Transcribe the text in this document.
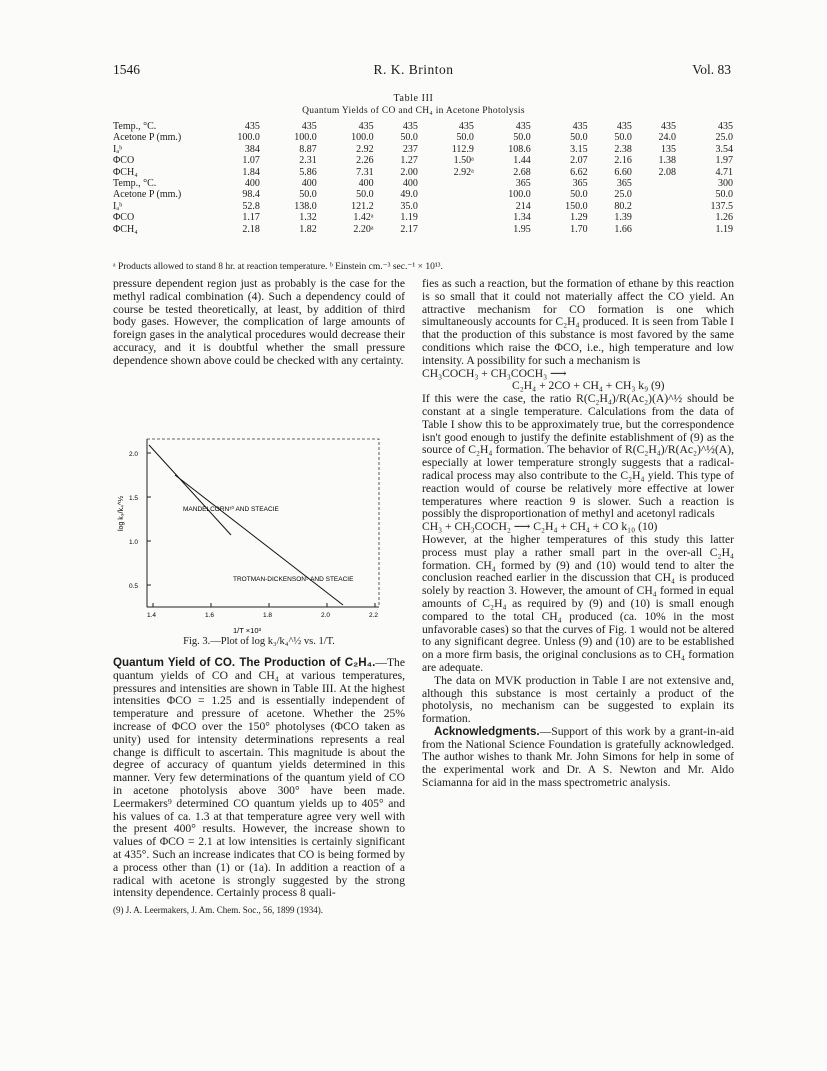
1546	R. K. Brinton	Vol. 83
Table III
Quantum Yields of CO and CH₄ in Acetone Photolysis
Temp., °C.	435	435	435	435	435	435	435	435	435	435
Acetone P (mm.)	100.0	100.0	100.0	50.0	50.0	50.0	50.0	50.0	24.0	25.0
Iₐᵇ	384	8.87	2.92	237	112.9	108.6	3.15	2.38	135	3.54
ΦCO	1.07	2.31	2.26	1.27	1.50ᵃ	1.44	2.07	2.16	1.38	1.97
ΦCH₄	1.84	5.86	7.31	2.00	2.92ᵃ	2.68	6.62	6.60	2.08	4.71
Temp., °C.	400	400	400	400		365	365	365		300
Acetone P (mm.)	98.4	50.0	50.0	49.0		100.0	50.0	25.0		50.0
Iₐᵇ	52.8	138.0	121.2	35.0		214	150.0	80.2		137.5
ΦCO	1.17	1.32	1.42ᵃ	1.19		1.34	1.29	1.39		1.26
ΦCH₄	2.18	1.82	2.20ᵃ	2.17		1.95	1.70	1.66		1.19
ᵃ Products allowed to stand 8 hr. at reaction temperature. ᵇ Einstein cm.⁻³ sec.⁻¹ × 10¹³.

pressure dependent region just as probably is the case for the methyl radical combination (4). Such a dependency could of course be tested theoretically, at least, by addition of third body gases. However, the complication of large amounts of foreign gases in the analytical procedures would decrease their accuracy, and it is doubtful whether the small pressure dependence shown above could be checked with any certainty.

2.0
1.5
1.0
0.5
1.4	1.6	1.8	2.0	2.2
log k₃/k₄^½
1/T ×10³
MANDELCORN¹⁰ AND STEACIE
TROTMAN-DICKENSON⁵ AND STEACIE
Fig. 3.—Plot of log k₃/k₄^½ vs. 1/T.

Quantum Yield of CO. The Production of C₂H₄.—The quantum yields of CO and CH₄ at various temperatures, pressures and intensities are shown in Table III. At the highest intensities ΦCO = 1.25 and is essentially independent of temperature and pressure of acetone. Whether the 25% increase of ΦCO over the 150° photolyses (ΦCO taken as unity) used for intensity determinations represents a real change is difficult to ascertain. This magnitude is about the degree of accuracy of quantum yields determined in this manner. Very few determinations of the quantum yield of CO in acetone photolysis above 300° have been made. Leermakers⁹ determined CO quantum yields up to 405° and his values of ca. 1.3 at that temperature agree very well with the present 400° results. However, the increase shown to values of ΦCO = 2.1 at low intensities is certainly significant at 435°. Such an increase indicates that CO is being formed by a process other than (1) or (1a). In addition a reaction of a radical with acetone is strongly suggested by the strong intensity dependence. Certainly process 8 quali-

(9) J. A. Leermakers, J. Am. Chem. Soc., 56, 1899 (1934).

fies as such a reaction, but the formation of ethane by this reaction is so small that it could not materially affect the CO yield. An attractive mechanism for CO formation is one which simultaneously accounts for C₂H₄ produced. It is seen from Table I that the production of this substance is most favored by the same conditions which raise the ΦCO, i.e., high temperature and low intensity. A possibility for such a mechanism is

CH₃COCH₃ + CH₃COCH₃ ⟶
C₂H₄ + 2CO + CH₄ + CH₃ k₉ (9)

If this were the case, the ratio R(C₂H₄)/R(Ac₂)(A)^½ should be constant at a single temperature. Calculations from the data of Table I show this to be approximately true, but the correspondence isn't good enough to justify the definite establishment of (9) as the source of C₂H₄ formation. The behavior of R(C₂H₄)/R(Ac₂)^½(A), especially at lower temperature strongly suggests that a radical-radical process may also contribute to the C₂H₄ yield. This type of reaction would of course be relatively more effective at lower temperatures where reaction 9 is slower. Such a reaction is possibly the disproportionation of methyl and acetonyl radicals

CH₃ + CH₃COCH₂ ⟶ C₂H₄ + CH₄ + CO k₁₀ (10)

However, at the higher temperatures of this study this latter process must play a rather small part in the over-all C₂H₄ formation. CH₄ formed by (9) and (10) would tend to alter the conclusion reached earlier in the discussion that CH₄ is produced solely by reaction 3. However, the amount of CH₄ formed in equal amounts of C₂H₄ as required by (9) and (10) is small enough compared to the total CH₄ produced (ca. 10% in the most unfavorable cases) so that the curves of Fig. 1 would not be altered to any significant degree. Unless (9) and (10) are to be established on a more firm basis, the original conclusions as to CH₄ formation are adequate.

The data on MVK production in Table I are not extensive and, although this substance is most certainly a product of the photolysis, no mechanism can be suggested to explain its formation.

Acknowledgments.—Support of this work by a grant-in-aid from the National Science Foundation is gratefully acknowledged. The author wishes to thank Mr. John Simons for help in some of the experimental work and Dr. A S. Newton and Mr. Aldo Sciamanna for aid in the mass spectrometric analysis.
